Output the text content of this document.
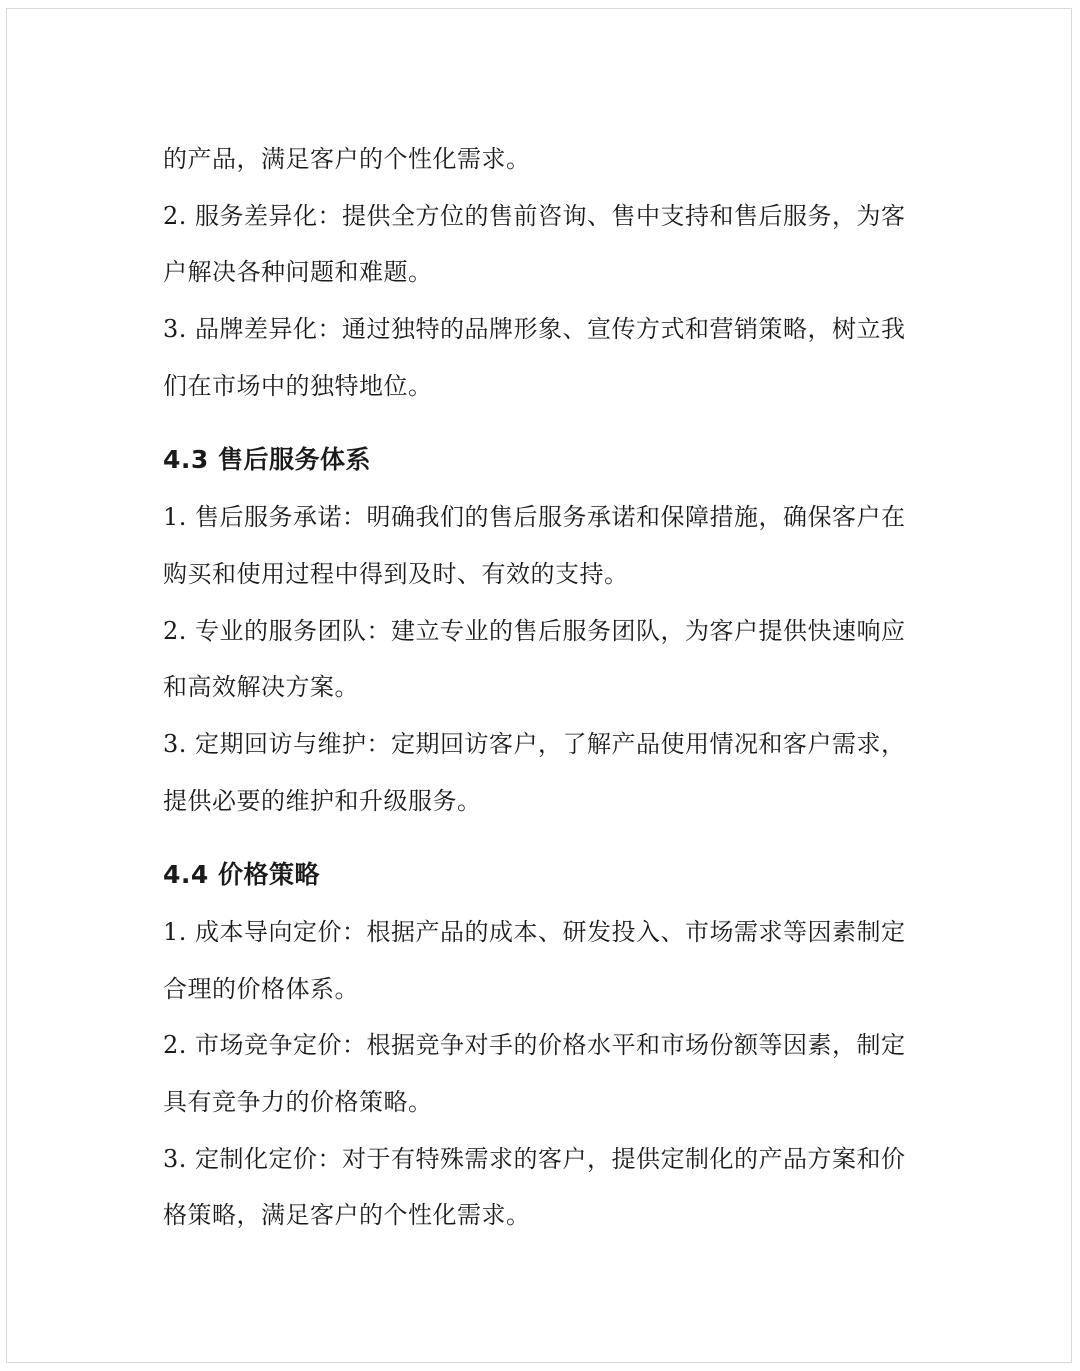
的产品，满足客户的个性化需求。
2. 服务差异化：提供全方位的售前咨询、售中支持和售后服务，为客
户解决各种问题和难题。
3. 品牌差异化：通过独特的品牌形象、宣传方式和营销策略，树立我
们在市场中的独特地位。
4.3 售后服务体系
1. 售后服务承诺：明确我们的售后服务承诺和保障措施，确保客户在
购买和使用过程中得到及时、有效的支持。
2. 专业的服务团队：建立专业的售后服务团队，为客户提供快速响应
和高效解决方案。
3. 定期回访与维护：定期回访客户，了解产品使用情况和客户需求，
提供必要的维护和升级服务。
4.4 价格策略
1. 成本导向定价：根据产品的成本、研发投入、市场需求等因素制定
合理的价格体系。
2. 市场竞争定价：根据竞争对手的价格水平和市场份额等因素，制定
具有竞争力的价格策略。
3. 定制化定价：对于有特殊需求的客户，提供定制化的产品方案和价
格策略，满足客户的个性化需求。
